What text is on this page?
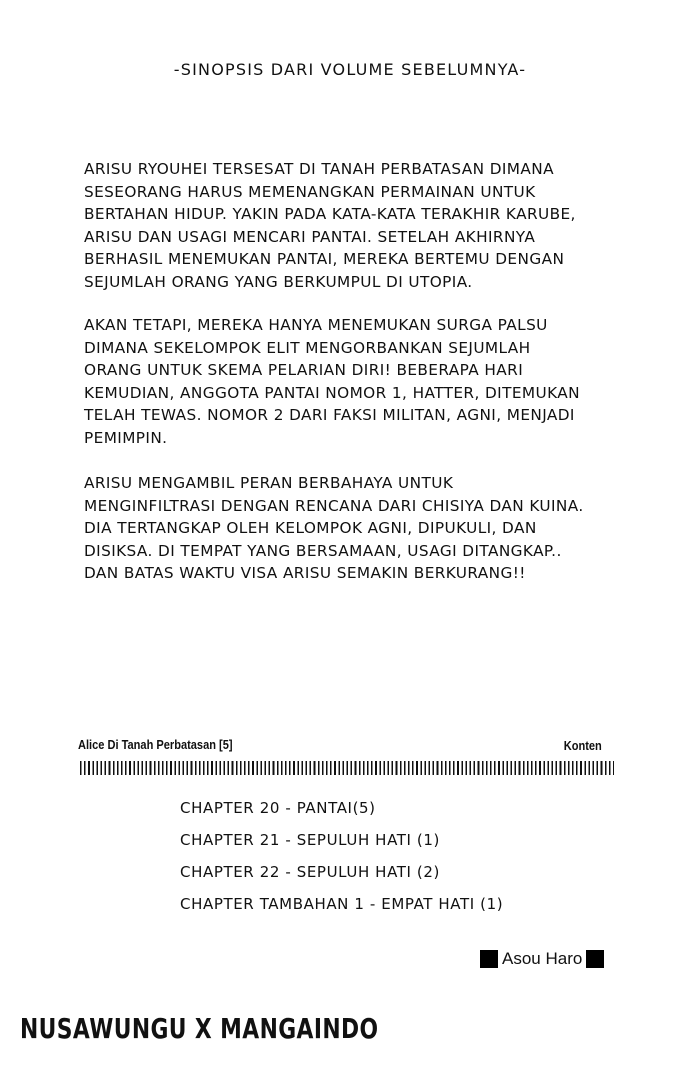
-SINOPSIS DARI VOLUME SEBELUMNYA-
ARISU RYOUHEI TERSESAT DI TANAH PERBATASAN DIMANA
SESEORANG HARUS MEMENANGKAN PERMAINAN UNTUK
BERTAHAN HIDUP. YAKIN PADA KATA-KATA TERAKHIR KARUBE,
ARISU DAN USAGI MENCARI PANTAI. SETELAH AKHIRNYA
BERHASIL MENEMUKAN PANTAI, MEREKA BERTEMU DENGAN
SEJUMLAH ORANG YANG BERKUMPUL DI UTOPIA.
AKAN TETAPI, MEREKA HANYA MENEMUKAN SURGA PALSU
DIMANA SEKELOMPOK ELIT MENGORBANKAN SEJUMLAH
ORANG UNTUK SKEMA PELARIAN DIRI! BEBERAPA HARI
KEMUDIAN, ANGGOTA PANTAI NOMOR 1, HATTER, DITEMUKAN
TELAH TEWAS. NOMOR 2 DARI FAKSI MILITAN, AGNI, MENJADI
PEMIMPIN.
ARISU MENGAMBIL PERAN BERBAHAYA UNTUK
MENGINFILTRASI DENGAN RENCANA DARI CHISIYA DAN KUINA.
DIA TERTANGKAP OLEH KELOMPOK AGNI, DIPUKULI, DAN
DISIKSA. DI TEMPAT YANG BERSAMAAN, USAGI DITANGKAP..
DAN BATAS WAKTU VISA ARISU SEMAKIN BERKURANG!!
Alice Di Tanah Perbatasan [5]	Konten
CHAPTER 20 - PANTAI(5)
CHAPTER 21 - SEPULUH HATI (1)
CHAPTER 22 - SEPULUH HATI (2)
CHAPTER TAMBAHAN 1 - EMPAT HATI (1)
Asou Haro
NUSAWUNGU X MANGAINDO
